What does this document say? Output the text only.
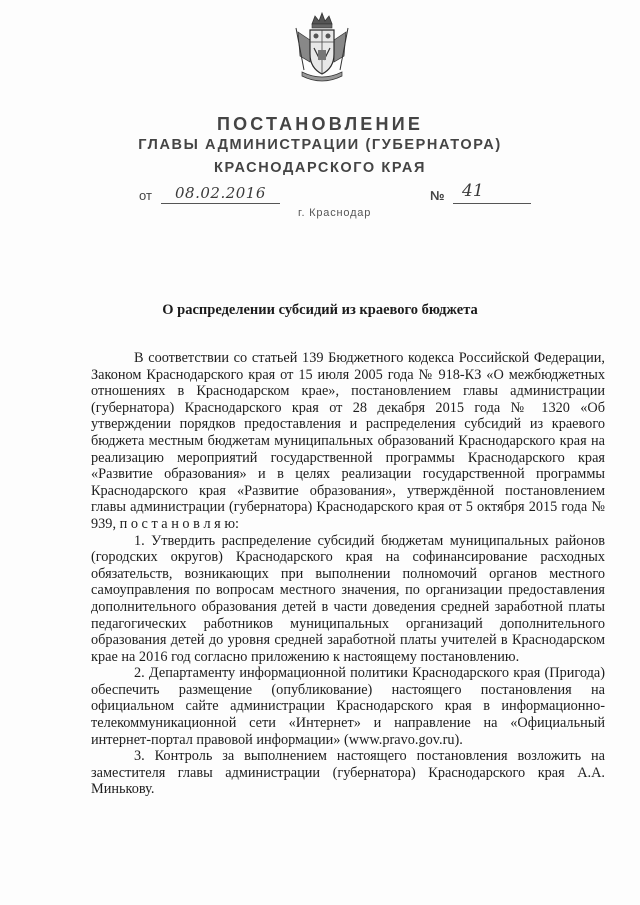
ПОСТАНОВЛЕНИЕ
ГЛАВЫ АДМИНИСТРАЦИИ (ГУБЕРНАТОРА)
КРАСНОДАРСКОГО КРАЯ
от 08.02.2016	№ 41
г. Краснодар
О распределении субсидий из краевого бюджета

В соответствии со статьей 139 Бюджетного кодекса Российской Федерации, Законом Краснодарского края от 15 июля 2005 года № 918-КЗ «О межбюджетных отношениях в Краснодарском крае», постановлением главы администрации (губернатора) Краснодарского края от 28 декабря 2015 года № 1320 «Об утверждении порядков предоставления и распределения субсидий из краевого бюджета местным бюджетам муниципальных образований Краснодарского края на реализацию мероприятий государственной программы Краснодарского края «Развитие образования» и в целях реализации государственной программы Краснодарского края «Развитие образования», утверждённой постановлением главы администрации (губернатора) Краснодарского края от 5 октября 2015 года № 939, п о с т а н о в л я ю:

1. Утвердить распределение субсидий бюджетам муниципальных районов (городских округов) Краснодарского края на софинансирование расходных обязательств, возникающих при выполнении полномочий органов местного самоуправления по вопросам местного значения, по организации предоставления дополнительного образования детей в части доведения средней заработной платы педагогических работников муниципальных организаций дополнительного образования детей до уровня средней заработной платы учителей в Краснодарском крае на 2016 год согласно приложению к настоящему постановлению.

2. Департаменту информационной политики Краснодарского края (Пригода) обеспечить размещение (опубликование) настоящего постановления на официальном сайте администрации Краснодарского края в информационно-телекоммуникационной сети «Интернет» и направление на «Официальный интернет-портал правовой информации» (www.pravo.gov.ru).

3. Контроль за выполнением настоящего постановления возложить на заместителя главы администрации (губернатора) Краснодарского края А.А. Минькову.
